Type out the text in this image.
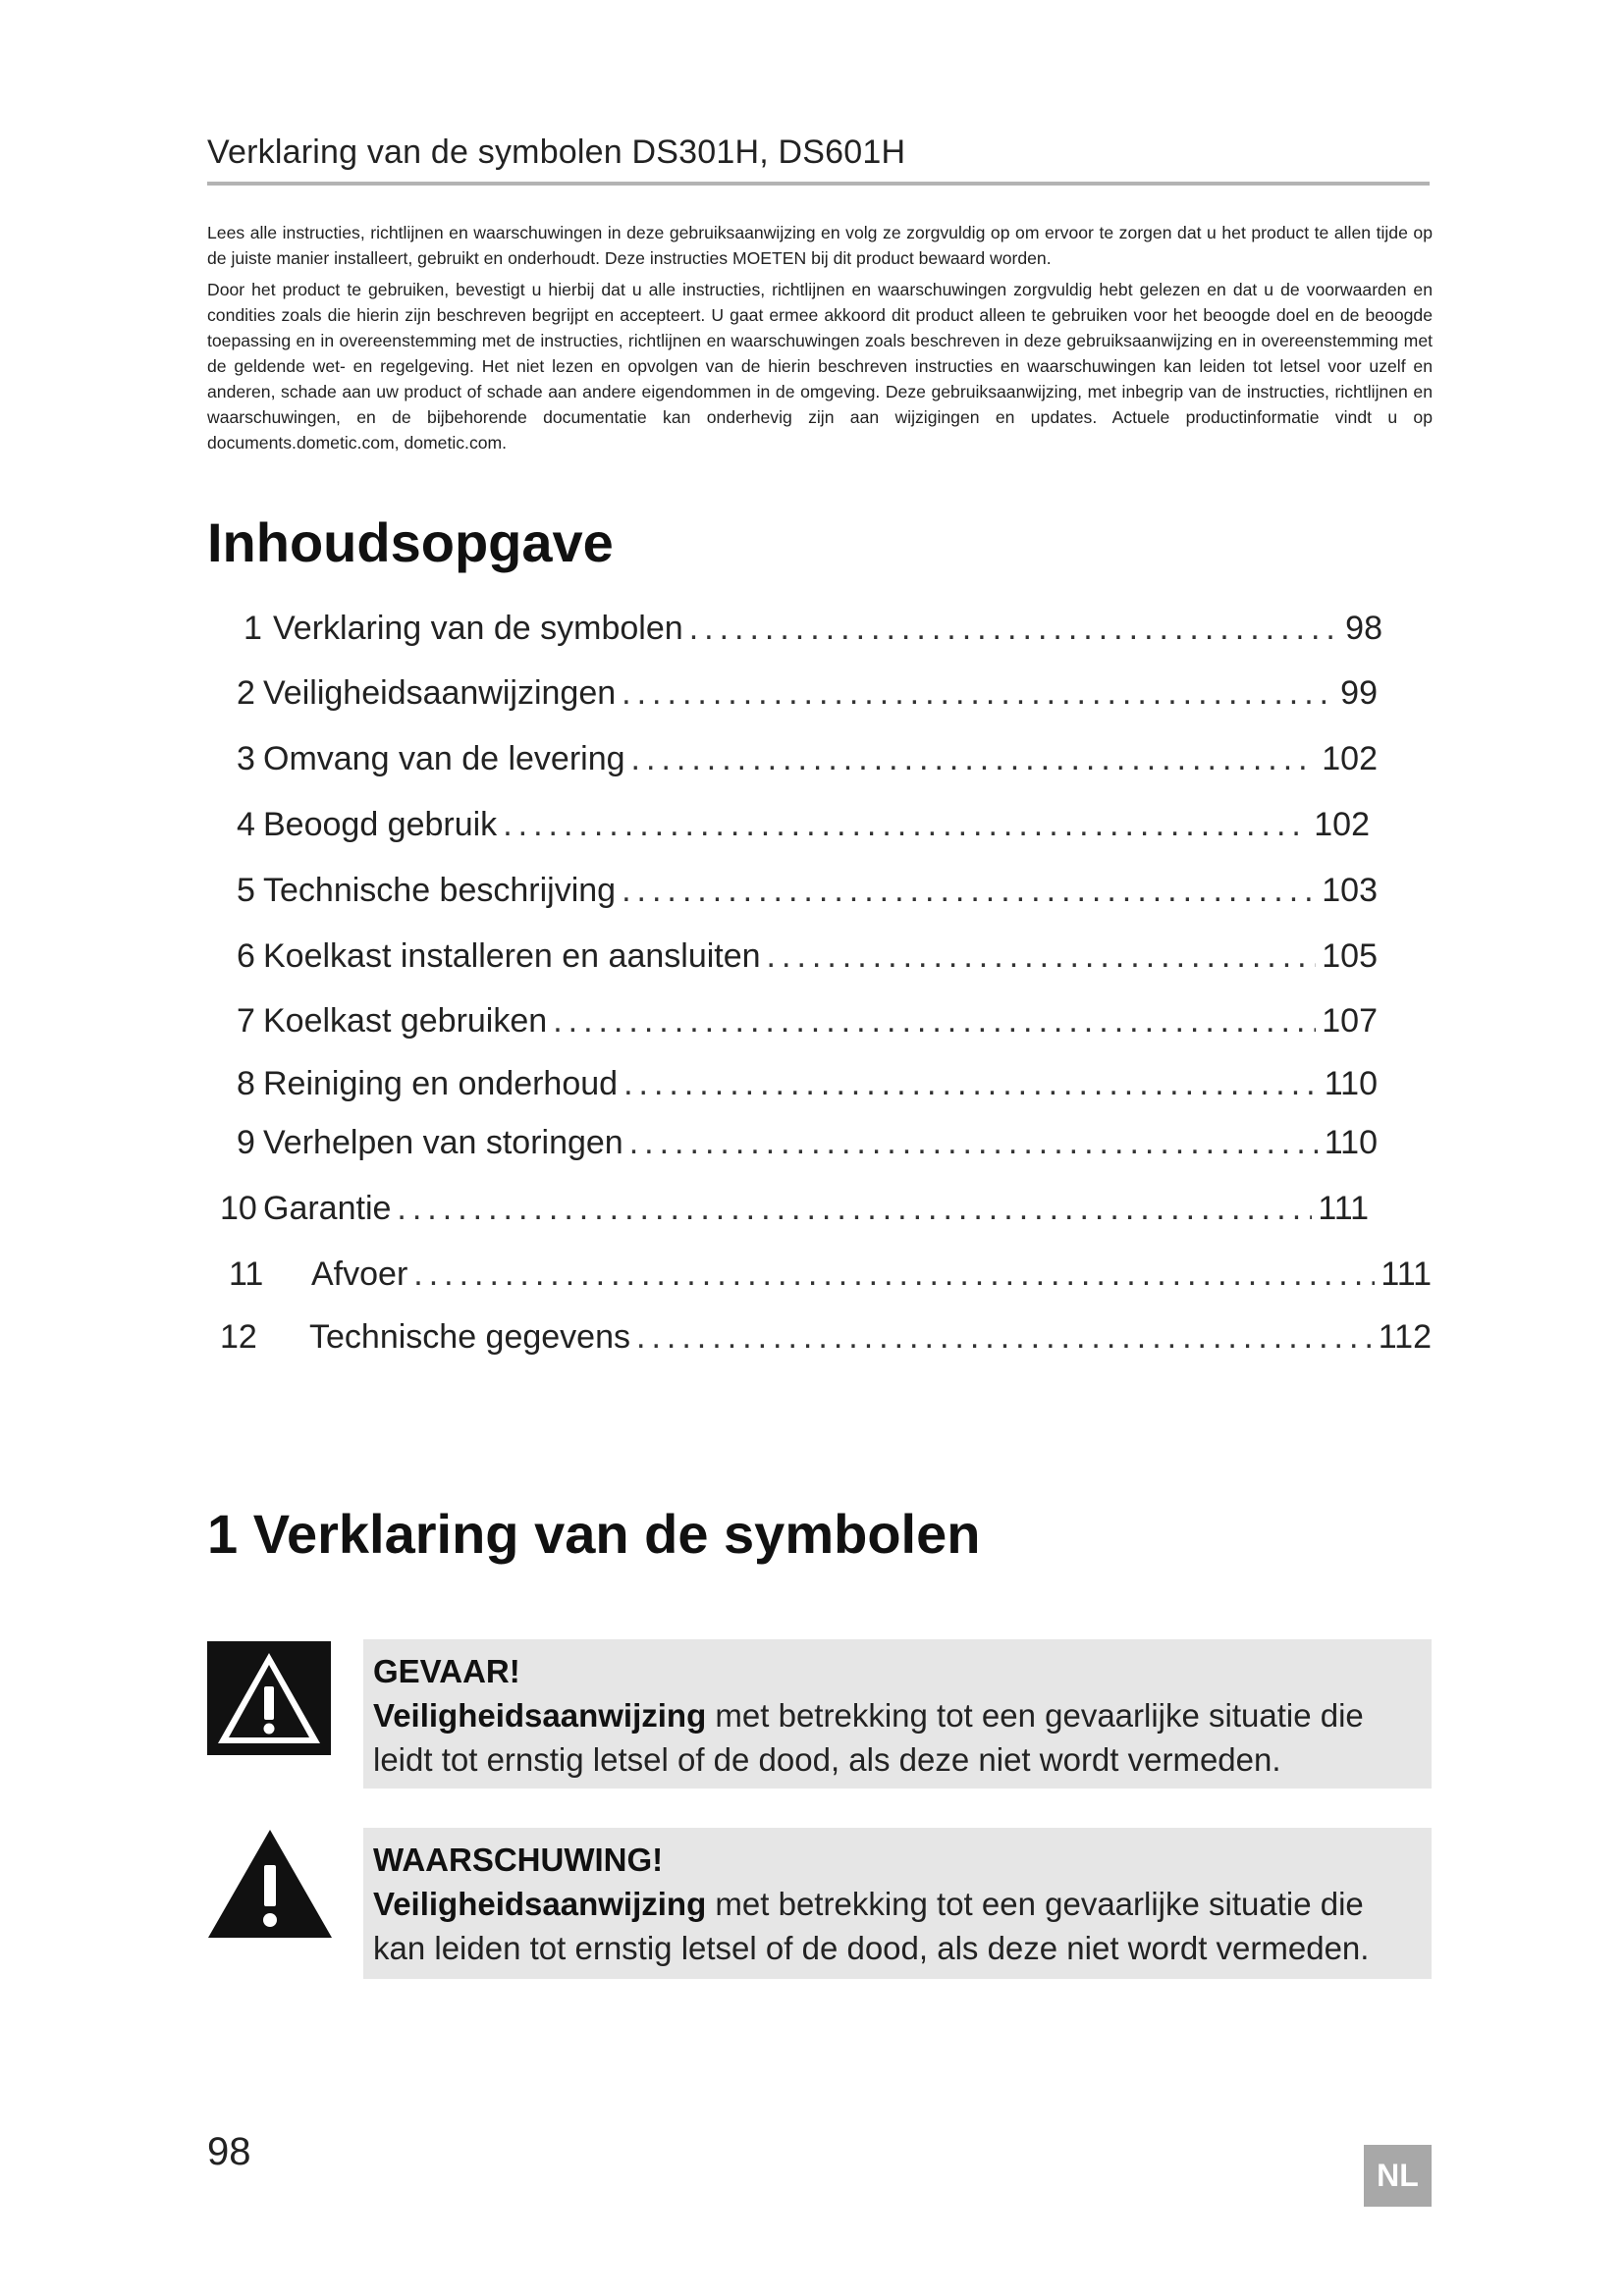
Verklaring van de symbolen DS301H, DS601H

Lees alle instructies, richtlijnen en waarschuwingen in deze gebruiksaanwijzing en volg ze zorgvuldig op om ervoor te zorgen dat u het product te allen tijde op de juiste manier installeert, gebruikt en onderhoudt. Deze instructies MOETEN bij dit product bewaard worden.

Door het product te gebruiken, bevestigt u hierbij dat u alle instructies, richtlijnen en waarschuwingen zorgvuldig hebt gelezen en dat u de voorwaarden en condities zoals die hierin zijn beschreven begrijpt en accepteert. U gaat ermee akkoord dit product alleen te gebruiken voor het beoogde doel en de beoogde toepassing en in overeenstemming met de instructies, richtlijnen en waarschuwingen zoals beschreven in deze gebruiksaanwijzing en in overeenstemming met de geldende wet- en regelgeving. Het niet lezen en opvolgen van de hierin beschreven instructies en waarschuwingen kan leiden tot letsel voor uzelf en anderen, schade aan uw product of schade aan andere eigendommen in de omgeving. Deze gebruiksaanwijzing, met inbegrip van de instructies, richtlijnen en waarschuwingen, en de bijbehorende documentatie kan onderhevig zijn aan wijzigingen en updates. Actuele productinformatie vindt u op documents.dometic.com, dometic.com.

Inhoudsopgave
1 Verklaring van de symbolen .....	98
2 Veiligheidsaanwijzingen .....	99
3 Omvang van de levering .....	102
4 Beoogd gebruik .....	102
5 Technische beschrijving .....	103
6 Koelkast installeren en aansluiten .....	105
7 Koelkast gebruiken .....	107
8 Reiniging en onderhoud .....	110
9 Verhelpen van storingen .....	110
10 Garantie .....	111
11	Afvoer .....	111
12	Technische gegevens .....	112
1 Verklaring van de symbolen
GEVAAR!
Veiligheidsaanwijzing met betrekking tot een gevaarlijke situatie die leidt tot ernstig letsel of de dood, als deze niet wordt vermeden.
WAARSCHUWING!
Veiligheidsaanwijzing met betrekking tot een gevaarlijke situatie die kan leiden tot ernstig letsel of de dood, als deze niet wordt vermeden.
98
NL
